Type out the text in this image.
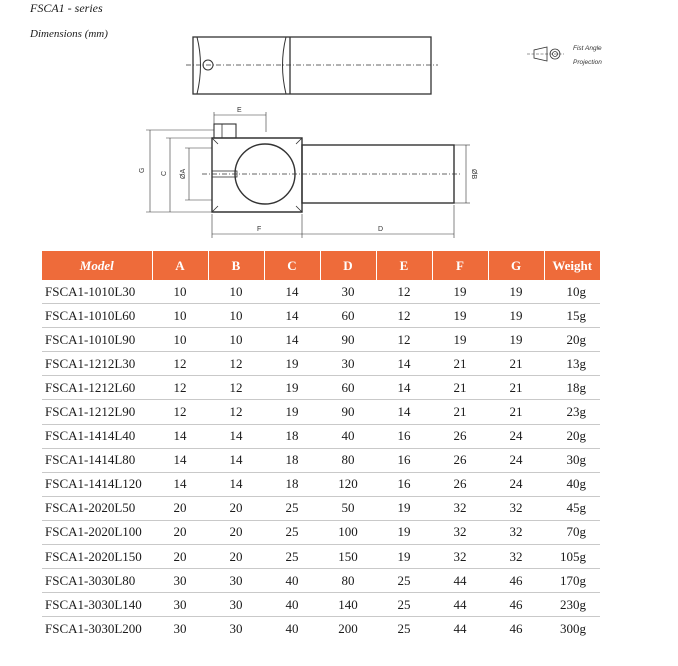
FSCA1 - series
Dimensions (mm)
Fist Angle
Projection
E
G
C ØA	ØB
F	D
Model	A	B	C	D	E	F	G	Weight
FSCA1-1010L30	10	10	14	30	12	19	19	10g
FSCA1-1010L60	10	10	14	60	12	19	19	15g
FSCA1-1010L90	10	10	14	90	12	19	19	20g
FSCA1-1212L30	12	12	19	30	14	21	21	13g
FSCA1-1212L60	12	12	19	60	14	21	21	18g
FSCA1-1212L90	12	12	19	90	14	21	21	23g
FSCA1-1414L40	14	14	18	40	16	26	24	20g
FSCA1-1414L80	14	14	18	80	16	26	24	30g
FSCA1-1414L120	14	14	18	120	16	26	24	40g
FSCA1-2020L50	20	20	25	50	19	32	32	45g
FSCA1-2020L100	20	20	25	100	19	32	32	70g
FSCA1-2020L150	20	20	25	150	19	32	32	105g
FSCA1-3030L80	30	30	40	80	25	44	46	170g
FSCA1-3030L140	30	30	40	140	25	44	46	230g
FSCA1-3030L200	30	30	40	200	25	44	46	300g
